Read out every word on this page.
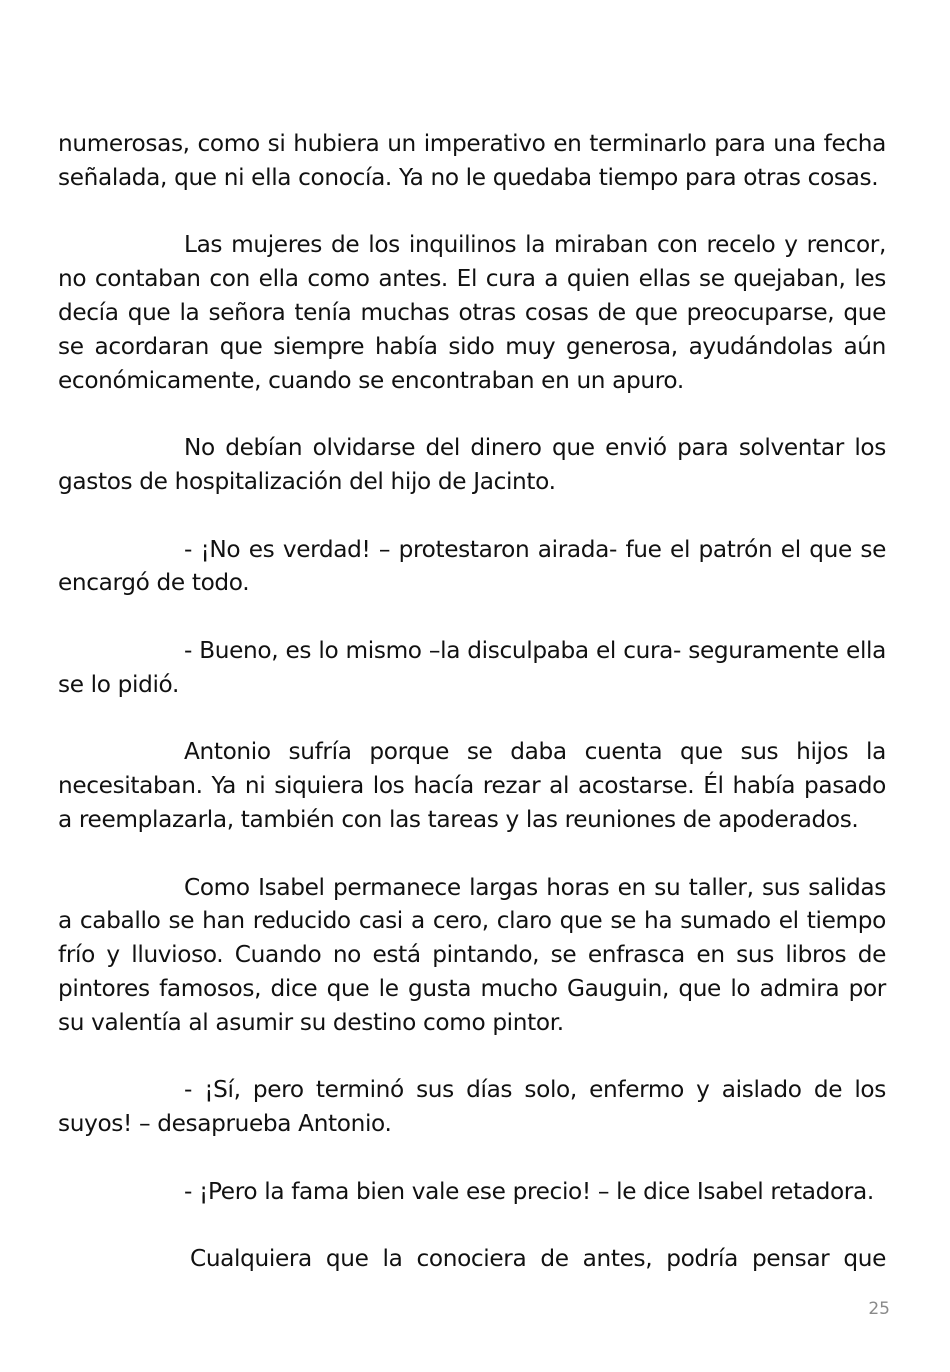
numerosas, como si hubiera un imperativo en terminarlo para una fecha señalada, que ni ella conocía. Ya no le quedaba tiempo para otras cosas.

Las mujeres de los inquilinos la miraban con recelo y rencor, no contaban con ella como antes. El cura a quien ellas se quejaban, les decía que la señora tenía muchas otras cosas de que preocuparse, que se acordaran que siempre había sido muy generosa, ayudándolas aún económicamente, cuando se encontraban en un apuro.

No debían olvidarse del dinero que envió para solventar los gastos de hospitalización del hijo de Jacinto.

- ¡No es verdad! – protestaron airada- fue el patrón el que se encargó de todo.

- Bueno, es lo mismo –la disculpaba el cura- seguramente ella se lo pidió.

Antonio sufría porque se daba cuenta que sus hijos la necesitaban. Ya ni siquiera los hacía rezar al acostarse. Él había pasado a reemplazarla, también con las tareas y las reuniones de apoderados.

Como Isabel permanece largas horas en su taller, sus salidas a caballo se han reducido casi a cero, claro que se ha sumado el tiempo frío y lluvioso. Cuando no está pintando, se enfrasca en sus libros de pintores famosos, dice que le gusta mucho Gauguin, que lo admira por su valentía al asumir su destino como pintor.

- ¡Sí, pero terminó sus días solo, enfermo y aislado de los suyos! – desaprueba Antonio.

- ¡Pero la fama bien vale ese precio! – le dice Isabel retadora.

Cualquiera que la conociera de antes, podría pensar que

25
